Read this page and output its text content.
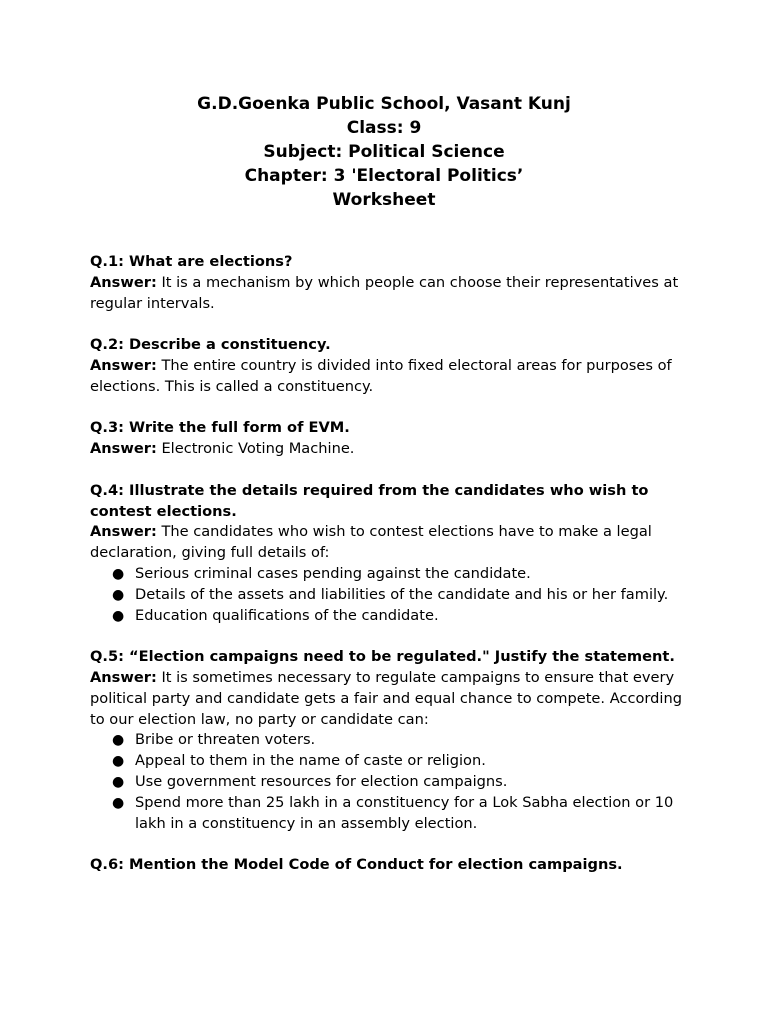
G.D.Goenka Public School, Vasant Kunj
Class: 9
Subject: Political Science
Chapter: 3 'Electoral Politics’
Worksheet

Q.1: What are elections?

Answer: It is a mechanism by which people can choose their representatives at regular intervals.

Q.2: Describe a constituency.

Answer: The entire country is divided into fixed electoral areas for purposes of elections. This is called a constituency.

Q.3: Write the full form of EVM.

Answer: Electronic Voting Machine.

Q.4: Illustrate the details required from the candidates who wish to contest elections.

Answer: The candidates who wish to contest elections have to make a legal declaration, giving full details of:

● Serious criminal cases pending against the candidate.
● Details of the assets and liabilities of the candidate and his or her family.
● Education qualifications of the candidate.

Q.5: “Election campaigns need to be regulated." Justify the statement.

Answer: It is sometimes necessary to regulate campaigns to ensure that every political party and candidate gets a fair and equal chance to compete. According to our election law, no party or candidate can:

● Bribe or threaten voters.
● Appeal to them in the name of caste or religion.
● Use government resources for election campaigns.
● Spend more than 25 lakh in a constituency for a Lok Sabha election or 10 lakh in a constituency in an assembly election.

Q.6: Mention the Model Code of Conduct for election campaigns.
